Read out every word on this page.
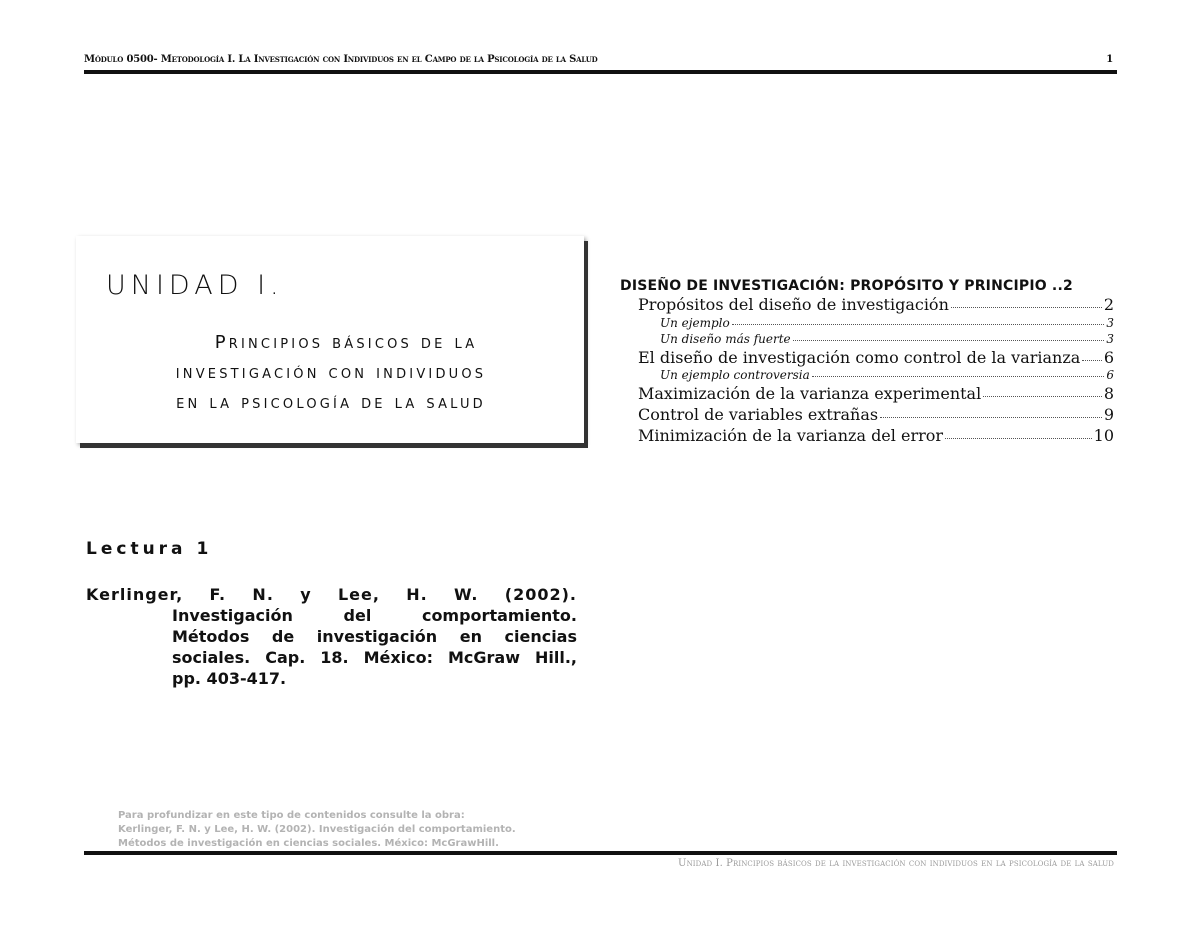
Módulo 0500- Metodología I. La Investigación con Individuos en el Campo de la Psicología de la Salud	1
UNIDAD I.
Principios básicos de la
investigación con individuos
en la psicología de la salud
DISEÑO DE INVESTIGACIÓN: PROPÓSITO Y PRINCIPIO .. 2
Propósitos del diseño de investigación	2
Un ejemplo	3
Un diseño más fuerte	3
El diseño de investigación como control de la varianza 6
Un ejemplo controversia	6
Maximización de la varianza experimental	8
Control de variables extrañas	9
Minimización de la varianza del error	10
Lectura 1
Kerlinger, F. N. y Lee, H. W. (2002).
Investigación del comportamiento.
Métodos de investigación en ciencias
sociales. Cap. 18. México: McGraw Hill.,
pp. 403-417.
Para profundizar en este tipo de contenidos consulte la obra:
Kerlinger, F. N. y Lee, H. W. (2002). Investigación del comportamiento.
Métodos de investigación en ciencias sociales. México: McGrawHill.
Unidad I. Principios básicos de la investigación con individuos en la psicología de la salud
